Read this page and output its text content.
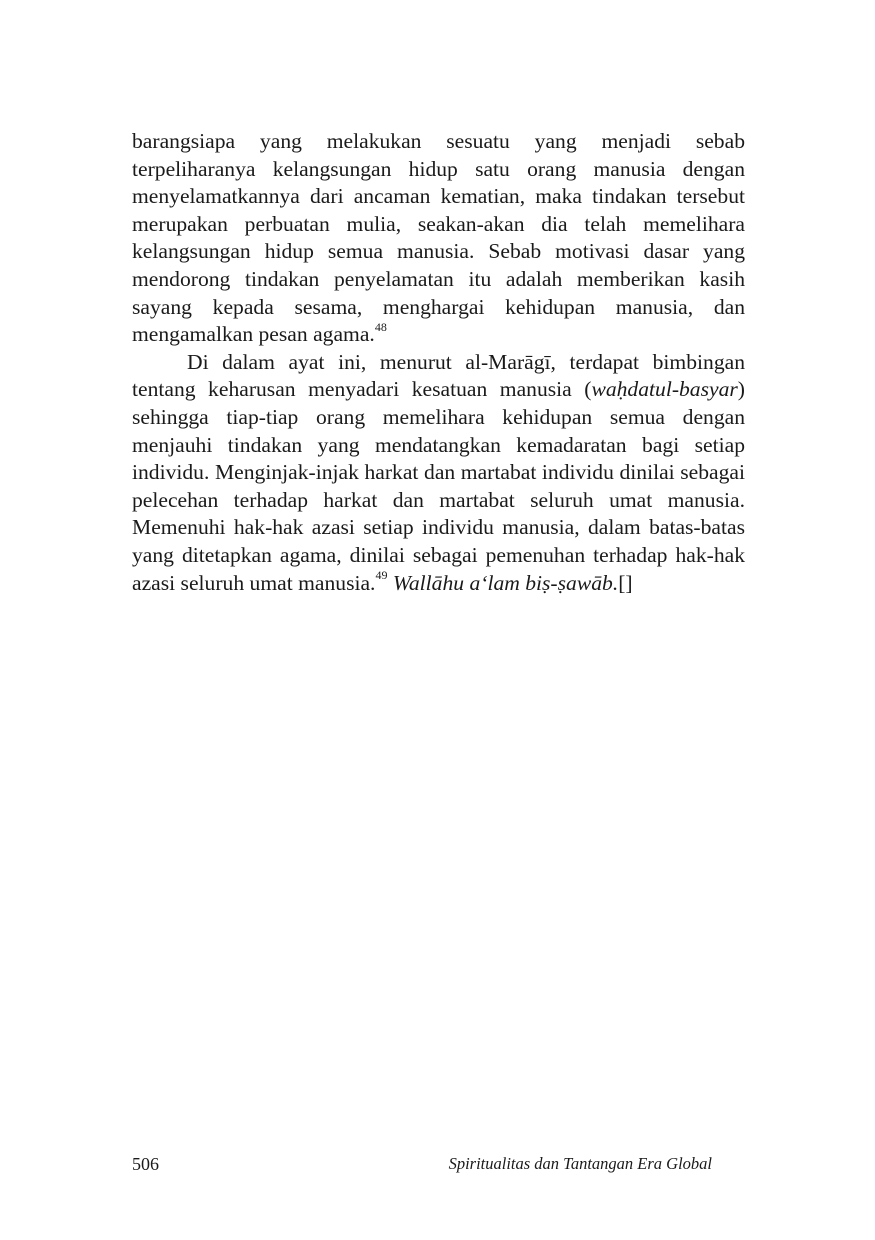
barangsiapa yang melakukan sesuatu yang menjadi sebab terpeliharanya kelangsungan hidup satu orang manusia dengan menyelamatkannya dari ancaman kematian, maka tindakan tersebut merupakan perbuatan mulia, seakan-akan dia telah memelihara kelangsungan hidup semua manusia. Sebab motivasi dasar yang mendorong tindakan penyelamatan itu adalah memberikan kasih sayang kepada sesama, menghargai kehidupan manusia, dan mengamalkan pesan agama.$^{48}$

Di dalam ayat ini, menurut al-Marāgī, terdapat bimbingan tentang keharusan menyadari kesatuan manusia (waḥdatul-basyar) sehingga tiap-tiap orang memelihara kehidupan semua dengan menjauhi tindakan yang mendatangkan kemadaratan bagi setiap individu. Menginjak-injak harkat dan martabat individu dinilai sebagai pelecehan terhadap harkat dan martabat seluruh umat manusia. Memenuhi hak-hak azasi setiap individu manusia, dalam batas-batas yang ditetapkan agama, dinilai sebagai pemenuhan terhadap hak-hak azasi seluruh umat manusia.$^{49}$ Wallāhu a‘lam biṣ-ṣawāb.[]

506	Spiritualitas dan Tantangan Era Global
